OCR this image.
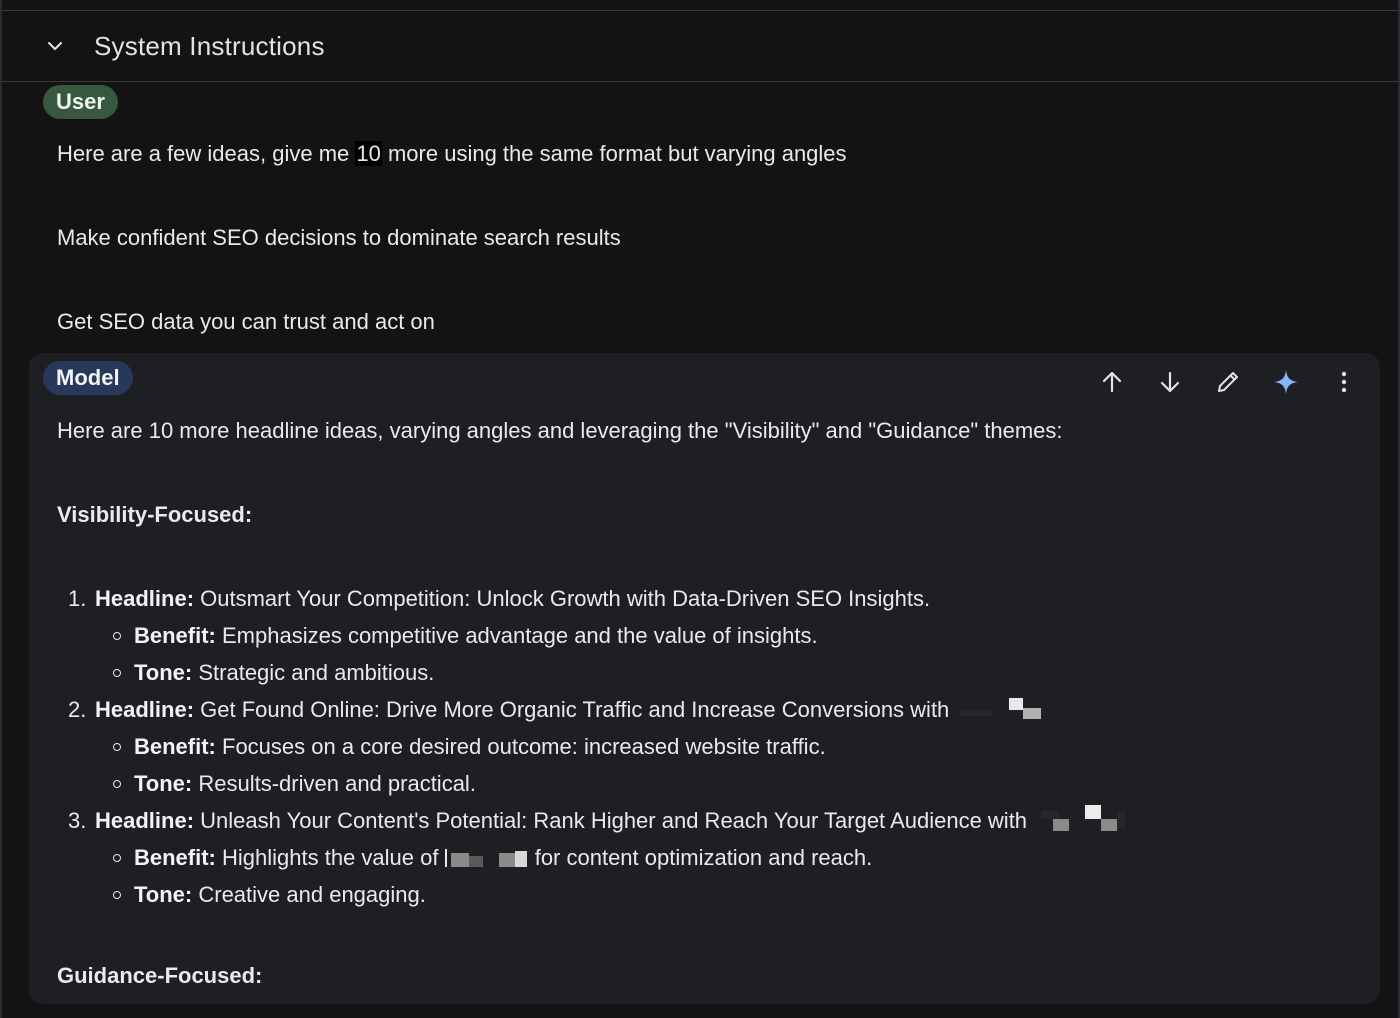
System Instructions
User
Here are a few ideas, give me 10 more using the same format but varying angles
Make confident SEO decisions to dominate search results
Get SEO data you can trust and act on
Model
Here are 10 more headline ideas, varying angles and leveraging the "Visibility" and "Guidance" themes:
Visibility-Focused:
1. Headline: Outsmart Your Competition: Unlock Growth with Data-Driven SEO Insights.
Benefit: Emphasizes competitive advantage and the value of insights.
Tone: Strategic and ambitious.
2. Headline: Get Found Online: Drive More Organic Traffic and Increase Conversions with
Benefit: Focuses on a core desired outcome: increased website traffic.
Tone: Results-driven and practical.
3. Headline: Unleash Your Content's Potential: Rank Higher and Reach Your Target Audience with
Benefit: Highlights the value of	for content optimization and reach.
Tone: Creative and engaging.
Guidance-Focused:
